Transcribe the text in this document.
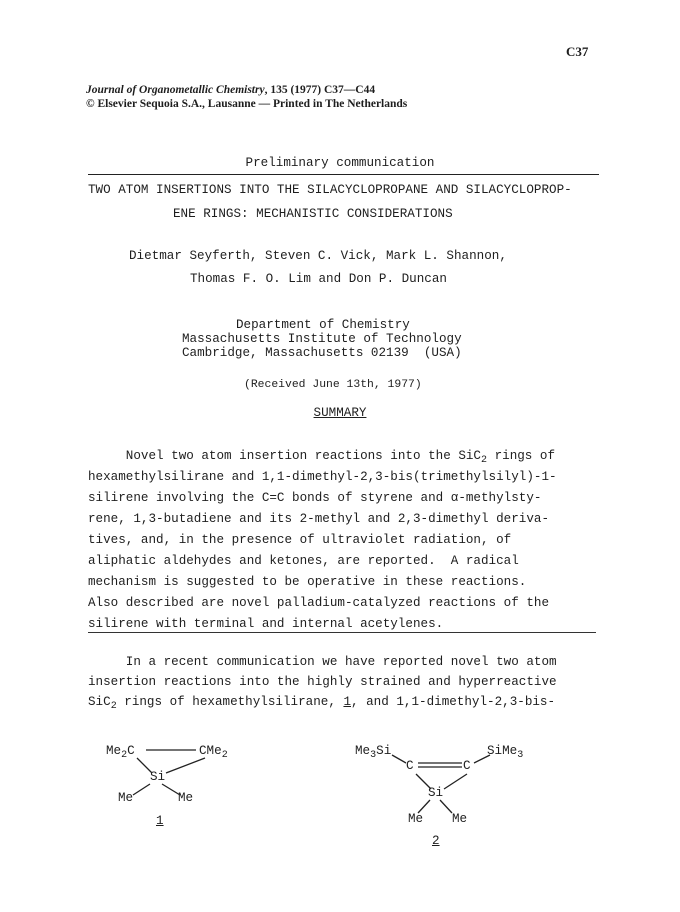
C37
Journal of Organometallic Chemistry, 135 (1977) C37—C44
© Elsevier Sequoia S.A., Lausanne — Printed in The Netherlands
Preliminary communication
TWO ATOM INSERTIONS INTO THE SILACYCLOPROPANE AND SILACYCLOPROP-
ENE RINGS: MECHANISTIC CONSIDERATIONS
Dietmar Seyferth, Steven C. Vick, Mark L. Shannon,
Thomas F. O. Lim and Don P. Duncan
Department of Chemistry
Massachusetts Institute of Technology
Cambridge, Massachusetts 02139  (USA)
(Received June 13th, 1977)
SUMMARY
Novel two atom insertion reactions into the SiC$_2$ rings of
hexamethylsilirane and 1,1-dimethyl-2,3-bis(trimethylsilyl)-1-
silirene involving the C=C bonds of styrene and α-methylsty-
rene, 1,3-butadiene and its 2-methyl and 2,3-dimethyl deriva-
tives, and, in the presence of ultraviolet radiation, of
aliphatic aldehydes and ketones, are reported.  A radical
mechanism is suggested to be operative in these reactions.
Also described are novel palladium-catalyzed reactions of the
silirene with terminal and internal acetylenes.
In a recent communication we have reported novel two atom
insertion reactions into the highly strained and hyperreactive
SiC$_2$ rings of hexamethylsilirane, 1, and 1,1-dimethyl-2,3-bis-
$Me_2C$	CMe$_2$
Si
Me	Me
1
$Me_3Si$	SiMe$_3$
C	C
Si
Me Me
2
